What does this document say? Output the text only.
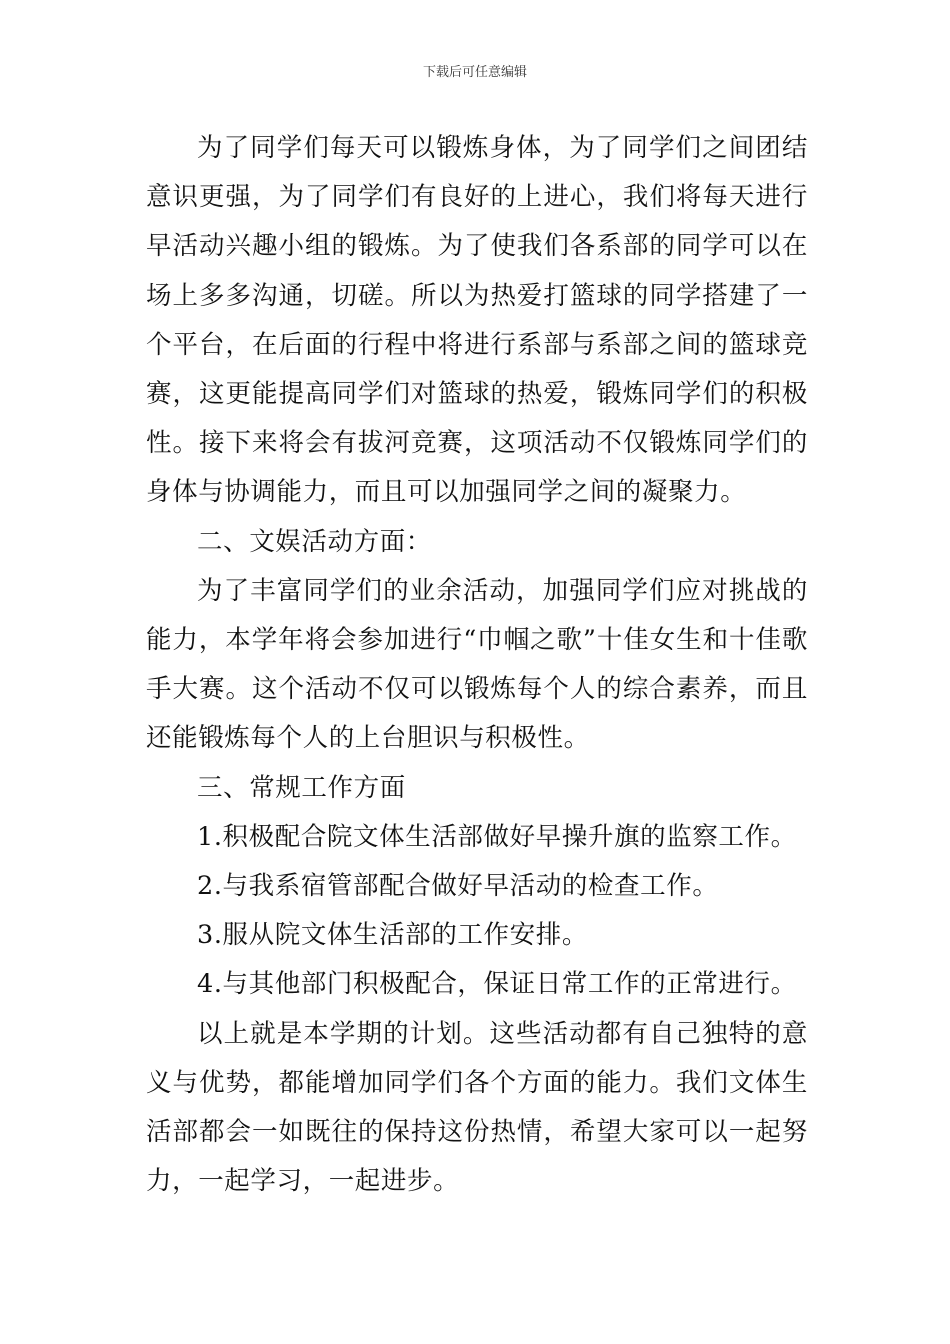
下载后可任意编辑

为了同学们每天可以锻炼身体，为了同学们之间团结意识更强，为了同学们有良好的上进心，我们将每天进行早活动兴趣小组的锻炼。为了使我们各系部的同学可以在场上多多沟通，切磋。所以为热爱打篮球的同学搭建了一个平台，在后面的行程中将进行系部与系部之间的篮球竞赛，这更能提高同学们对篮球的热爱，锻炼同学们的积极性。接下来将会有拔河竞赛，这项活动不仅锻炼同学们的身体与协调能力，而且可以加强同学之间的凝聚力。

二、文娱活动方面：

为了丰富同学们的业余活动，加强同学们应对挑战的能力，本学年将会参加进行“巾帼之歌”十佳女生和十佳歌手大赛。这个活动不仅可以锻炼每个人的综合素养，而且还能锻炼每个人的上台胆识与积极性。

三、常规工作方面

1.积极配合院文体生活部做好早操升旗的监察工作。

2.与我系宿管部配合做好早活动的检查工作。

3.服从院文体生活部的工作安排。

4.与其他部门积极配合，保证日常工作的正常进行。

以上就是本学期的计划。这些活动都有自己独特的意义与优势，都能增加同学们各个方面的能力。我们文体生活部都会一如既往的保持这份热情，希望大家可以一起努力，一起学习，一起进步。
